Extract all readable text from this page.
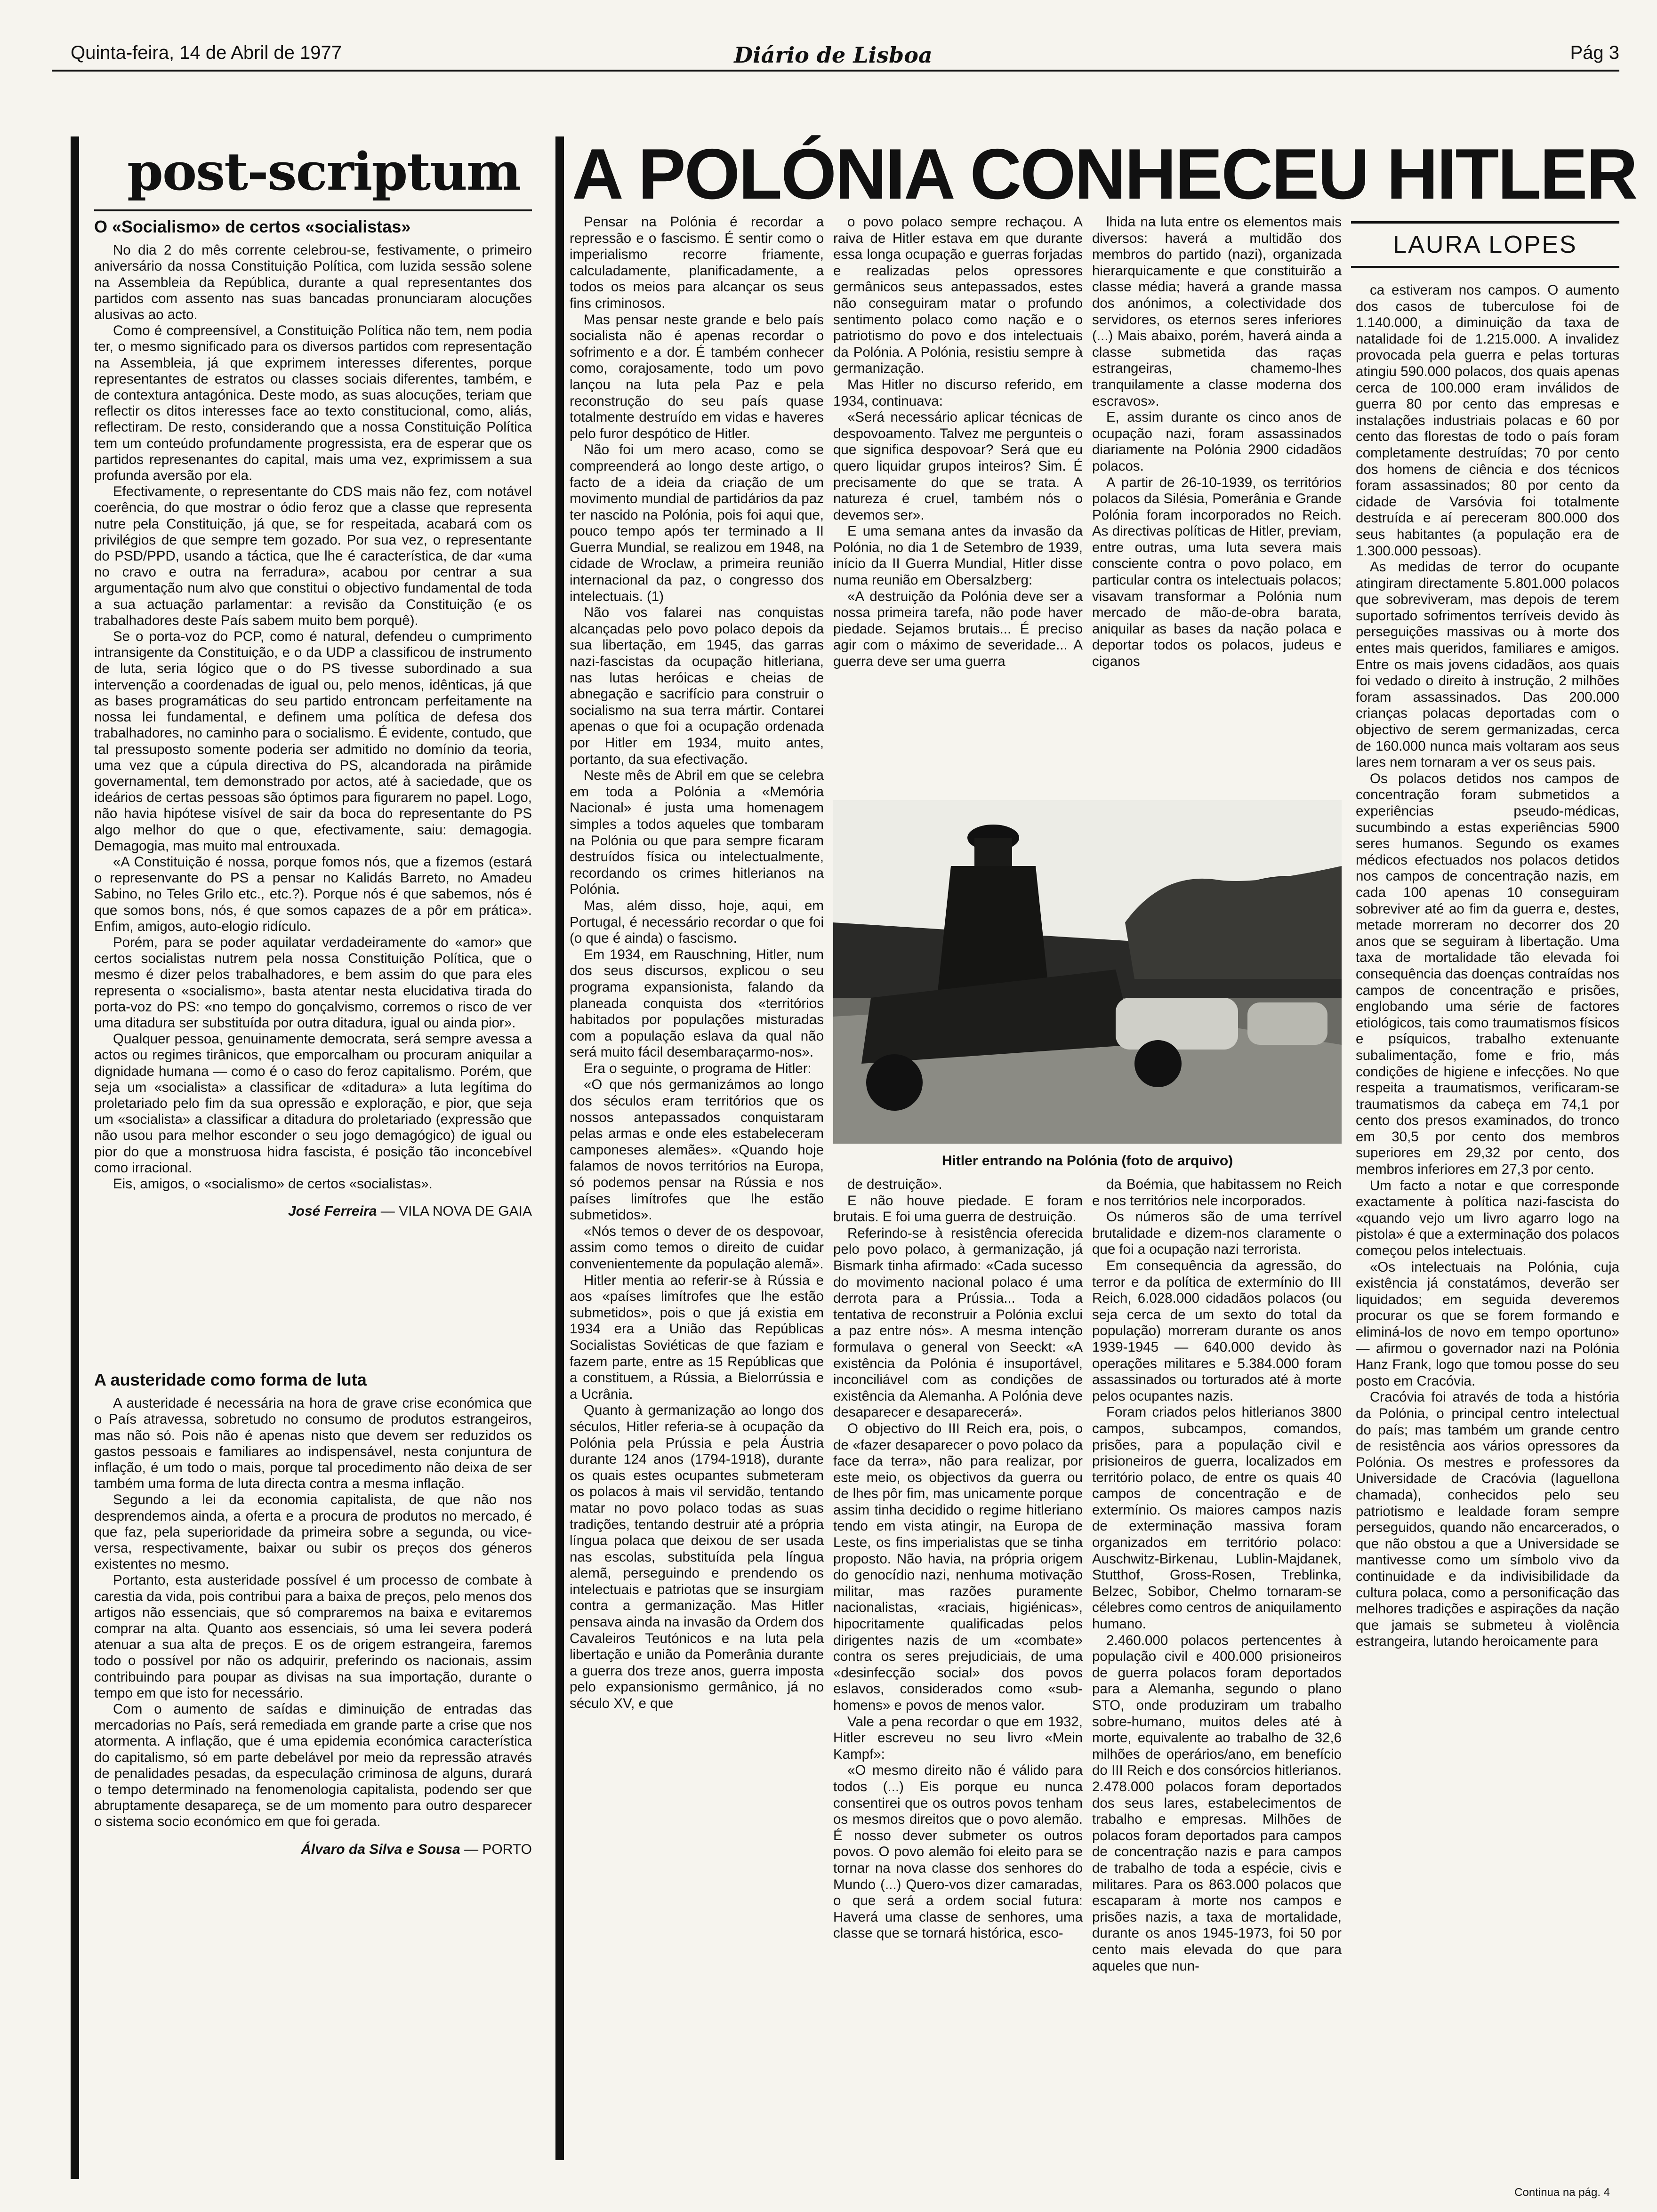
Quinta-feira, 14 de Abril de 1977	Diário de Lisboa	Pág 3
post-scriptum

O «Socialismo» de certos «socialistas»

No dia 2 do mês corrente celebrou-se, festivamente, o primeiro aniversário da nossa Constituição Política, com luzida sessão solene na Assembleia da República, durante a qual representantes dos partidos com assento nas suas bancadas pronunciaram alocuções alusivas ao acto.

Como é compreensível, a Constituição Política não tem, nem podia ter, o mesmo significado para os diversos partidos com representação na Assembleia, já que exprimem interesses diferentes, porque representantes de estratos ou classes sociais diferentes, também, e de contextura antagónica. Deste modo, as suas alocuções, teriam que reflectir os ditos interesses face ao texto constitucional, como, aliás, reflectiram. De resto, considerando que a nossa Constituição Política tem um conteúdo profundamente progressista, era de esperar que os partidos represenantes do capital, mais uma vez, exprimissem a sua profunda aversão por ela.

Efectivamente, o representante do CDS mais não fez, com notável coerência, do que mostrar o ódio feroz que a classe que representa nutre pela Constituição, já que, se for respeitada, acabará com os privilégios de que sempre tem gozado. Por sua vez, o representante do PSD/PPD, usando a táctica, que lhe é característica, de dar «uma no cravo e outra na ferradura», acabou por centrar a sua argumentação num alvo que constitui o objectivo fundamental de toda a sua actuação parlamentar: a revisão da Constituição (e os trabalhadores deste País sabem muito bem porquê).

Se o porta-voz do PCP, como é natural, defendeu o cumprimento intransigente da Constituição, e o da UDP a classificou de instrumento de luta, seria lógico que o do PS tivesse subordinado a sua intervenção a coordenadas de igual ou, pelo menos, idênticas, já que as bases programáticas do seu partido entroncam perfeitamente na nossa lei fundamental, e definem uma política de defesa dos trabalhadores, no caminho para o socialismo. É evidente, contudo, que tal pressuposto somente poderia ser admitido no domínio da teoria, uma vez que a cúpula directiva do PS, alcandorada na pirâmide governamental, tem demonstrado por actos, até à saciedade, que os ideários de certas pessoas são óptimos para figurarem no papel. Logo, não havia hipótese visível de sair da boca do representante do PS algo melhor do que o que, efectivamente, saiu: demagogia. Demagogia, mas muito mal entrouxada.

«A Constituição é nossa, porque fomos nós, que a fizemos (estará o represenvante do PS a pensar no Kalidás Barreto, no Amadeu Sabino, no Teles Grilo etc., etc.?). Porque nós é que sabemos, nós é que somos bons, nós, é que somos capazes de a pôr em prática». Enfim, amigos, auto-elogio ridículo.

Porém, para se poder aquilatar verdadeiramente do «amor» que certos socialistas nutrem pela nossa Constituição Política, que o mesmo é dizer pelos trabalhadores, e bem assim do que para eles representa o «socialismo», basta atentar nesta elucidativa tirada do porta-voz do PS: «no tempo do gonçalvismo, corremos o risco de ver uma ditadura ser substituída por outra ditadura, igual ou ainda pior».

Qualquer pessoa, genuinamente democrata, será sempre avessa a actos ou regimes tirânicos, que emporcalham ou procuram aniquilar a dignidade humana — como é o caso do feroz capitalismo. Porém, que seja um «socialista» a classificar de «ditadura» a luta legítima do proletariado pelo fim da sua opressão e exploração, e pior, que seja um «socialista» a classificar a ditadura do proletariado (expressão que não usou para melhor esconder o seu jogo demagógico) de igual ou pior do que a monstruosa hidra fascista, é posição tão inconcebível como irracional.

Eis, amigos, o «socialismo» de certos «socialistas».

José Ferreira — VILA NOVA DE GAIA

A austeridade como forma de luta

A austeridade é necessária na hora de grave crise económica que o País atravessa, sobretudo no consumo de produtos estrangeiros, mas não só. Pois não é apenas nisto que devem ser reduzidos os gastos pessoais e familiares ao indispensável, nesta conjuntura de inflação, é um todo o mais, porque tal procedimento não deixa de ser também uma forma de luta directa contra a mesma inflação.

Segundo a lei da economia capitalista, de que não nos desprendemos ainda, a oferta e a procura de produtos no mercado, é que faz, pela superioridade da primeira sobre a segunda, ou vice-versa, respectivamente, baixar ou subir os preços dos géneros existentes no mesmo.

Portanto, esta austeridade possível é um processo de combate à carestia da vida, pois contribui para a baixa de preços, pelo menos dos artigos não essenciais, que só compraremos na baixa e evitaremos comprar na alta. Quanto aos essenciais, só uma lei severa poderá atenuar a sua alta de preços. E os de origem estrangeira, faremos todo o possível por não os adquirir, preferindo os nacionais, assim contribuindo para poupar as divisas na sua importação, durante o tempo em que isto for necessário.

Com o aumento de saídas e diminuição de entradas das mercadorias no País, será remediada em grande parte a crise que nos atormenta. A inflação, que é uma epidemia económica característica do capitalismo, só em parte debelável por meio da repressão através de penalidades pesadas, da especulação criminosa de alguns, durará o tempo determinado na fenomenologia capitalista, podendo ser que abruptamente desapareça, se de um momento para outro desparecer o sistema socio económico em que foi gerada.

Álvaro da Silva e Sousa — PORTO

A POLÓNIA CONHECEU HITLER
LAURA LOPES

Pensar na Polónia é recordar a repressão e o fascismo. É sentir como o imperialismo recorre friamente, calculadamente, planificadamente, a todos os meios para alcançar os seus fins criminosos.

Mas pensar neste grande e belo país socialista não é apenas recordar o sofrimento e a dor. É também conhecer como, corajosamente, todo um povo lançou na luta pela Paz e pela reconstrução do seu país quase totalmente destruído em vidas e haveres pelo furor despótico de Hitler.

Não foi um mero acaso, como se compreenderá ao longo deste artigo, o facto de a ideia da criação de um movimento mundial de partidários da paz ter nascido na Polónia, pois foi aqui que, pouco tempo após ter terminado a II Guerra Mundial, se realizou em 1948, na cidade de Wroclaw, a primeira reunião internacional da paz, o congresso dos intelectuais. (1)

Não vos falarei nas conquistas alcançadas pelo povo polaco depois da sua libertação, em 1945, das garras nazi-fascistas da ocupação hitleriana, nas lutas heróicas e cheias de abnegação e sacrifício para construir o socialismo na sua terra mártir. Contarei apenas o que foi a ocupação ordenada por Hitler em 1934, muito antes, portanto, da sua efectivação.

Neste mês de Abril em que se celebra em toda a Polónia a «Memória Nacional» é justa uma homenagem simples a todos aqueles que tombaram na Polónia ou que para sempre ficaram destruídos física ou intelectualmente, recordando os crimes hitlerianos na Polónia.

Mas, além disso, hoje, aqui, em Portugal, é necessário recordar o que foi (o que é ainda) o fascismo.

Em 1934, em Rauschning, Hitler, num dos seus discursos, explicou o seu programa expansionista, falando da planeada conquista dos «territórios habitados por populações misturadas com a população eslava da qual não será muito fácil desembaraçarmo-nos».

Era o seguinte, o programa de Hitler:

«O que nós germanizámos ao longo dos séculos eram territórios que os nossos antepassados conquistaram pelas armas e onde eles estabeleceram camponeses alemães». «Quando hoje falamos de novos territórios na Europa, só podemos pensar na Rússia e nos países limítrofes que lhe estão submetidos».

«Nós temos o dever de os despovoar, assim como temos o direito de cuidar convenientemente da população alemã».

Hitler mentia ao referir-se à Rússia e aos «países limítrofes que lhe estão submetidos», pois o que já existia em 1934 era a União das Repúblicas Socialistas Soviéticas de que faziam e fazem parte, entre as 15 Repúblicas que a constituem, a Rússia, a Bielorrússia e a Ucrânia.

Quanto à germanização ao longo dos séculos, Hitler referia-se à ocupação da Polónia pela Prússia e pela Áustria durante 124 anos (1794-1918), durante os quais estes ocupantes submeteram os polacos à mais vil servidão, tentando matar no povo polaco todas as suas tradições, tentando destruir até a própria língua polaca que deixou de ser usada nas escolas, substituída pela língua alemã, perseguindo e prendendo os intelectuais e patriotas que se insurgiam contra a germanização. Mas Hitler pensava ainda na invasão da Ordem dos Cavaleiros Teutónicos e na luta pela libertação e união da Pomerânia durante a guerra dos treze anos, guerra imposta pelo expansionismo germânico, já no século XV, e que

o povo polaco sempre rechaçou. A raiva de Hitler estava em que durante essa longa ocupação e guerras forjadas e realizadas pelos opressores germânicos seus antepassados, estes não conseguiram matar o profundo sentimento polaco como nação e o patriotismo do povo e dos intelectuais da Polónia. A Polónia, resistiu sempre à germanização.

Mas Hitler no discurso referido, em 1934, continuava:

«Será necessário aplicar técnicas de despovoamento. Talvez me pergunteis o que significa despovoar? Será que eu quero liquidar grupos inteiros? Sim. É precisamente do que se trata. A natureza é cruel, também nós o devemos ser».

E uma semana antes da invasão da Polónia, no dia 1 de Setembro de 1939, início da II Guerra Mundial, Hitler disse numa reunião em Obersalzberg:

«A destruição da Polónia deve ser a nossa primeira tarefa, não pode haver piedade. Sejamos brutais... É preciso agir com o máximo de severidade... A guerra deve ser uma guerra

lhida na luta entre os elementos mais diversos: haverá a multidão dos membros do partido (nazi), organizada hierarquicamente e que constituirão a classe média; haverá a grande massa dos anónimos, a colectividade dos servidores, os eternos seres inferiores (...) Mais abaixo, porém, haverá ainda a classe submetida das raças estrangeiras, chamemo-lhes tranquilamente a classe moderna dos escravos».

E, assim durante os cinco anos de ocupação nazi, foram assassinados diariamente na Polónia 2900 cidadãos polacos.

A partir de 26-10-1939, os territórios polacos da Silésia, Pomerânia e Grande Polónia foram incorporados no Reich. As directivas políticas de Hitler, previam, entre outras, uma luta severa mais consciente contra o povo polaco, em particular contra os intelectuais polacos; visavam transformar a Polónia num mercado de mão-de-obra barata, aniquilar as bases da nação polaca e deportar todos os polacos, judeus e ciganos

Hitler entrando na Polónia (foto de arquivo)

de destruição».

E não houve piedade. E foram brutais. E foi uma guerra de destruição.

Referindo-se à resistência oferecida pelo povo polaco, à germanização, já Bismark tinha afirmado: «Cada sucesso do movimento nacional polaco é uma derrota para a Prússia... Toda a tentativa de reconstruir a Polónia exclui a paz entre nós». A mesma intenção formulava o general von Seeckt: «A existência da Polónia é insuportável, inconciliável com as condições de existência da Alemanha. A Polónia deve desaparecer e desaparecerá».

O objectivo do III Reich era, pois, o de «fazer desaparecer o povo polaco da face da terra», não para realizar, por este meio, os objectivos da guerra ou de lhes pôr fim, mas unicamente porque assim tinha decidido o regime hitleriano tendo em vista atingir, na Europa de Leste, os fins imperialistas que se tinha proposto. Não havia, na própria origem do genocídio nazi, nenhuma motivação militar, mas razões puramente nacionalistas, «raciais, higiénicas», hipocritamente qualificadas pelos dirigentes nazis de um «combate» contra os seres prejudiciais, de uma «desinfecção social» dos povos eslavos, considerados como «sub-homens» e povos de menos valor.

Vale a pena recordar o que em 1932, Hitler escreveu no seu livro «Mein Kampf»:

«O mesmo direito não é válido para todos (...) Eis porque eu nunca consentirei que os outros povos tenham os mesmos direitos que o povo alemão. É nosso dever submeter os outros povos. O povo alemão foi eleito para se tornar na nova classe dos senhores do Mundo (...) Quero-vos dizer camaradas, o que será a ordem social futura: Haverá uma classe de senhores, uma classe que se tornará histórica, esco-

da Boémia, que habitassem no Reich e nos territórios nele incorporados.

Os números são de uma terrível brutalidade e dizem-nos claramente o que foi a ocupação nazi terrorista.

Em consequência da agressão, do terror e da política de extermínio do III Reich, 6.028.000 cidadãos polacos (ou seja cerca de um sexto do total da população) morreram durante os anos 1939-1945 — 640.000 devido às operações militares e 5.384.000 foram assassinados ou torturados até à morte pelos ocupantes nazis.

Foram criados pelos hitlerianos 3800 campos, subcampos, comandos, prisões, para a população civil e prisioneiros de guerra, localizados em território polaco, de entre os quais 40 campos de concentração e de extermínio. Os maiores campos nazis de exterminação massiva foram organizados em território polaco: Auschwitz-Birkenau, Lublin-Majdanek, Stutthof, Gross-Rosen, Treblinka, Belzec, Sobibor, Chelmo tornaram-se célebres como centros de aniquilamento humano.

2.460.000 polacos pertencentes à população civil e 400.000 prisioneiros de guerra polacos foram deportados para a Alemanha, segundo o plano STO, onde produziram um trabalho sobre-humano, muitos deles até à morte, equivalente ao trabalho de 32,6 milhões de operários/ano, em benefício do III Reich e dos consórcios hitlerianos. 2.478.000 polacos foram deportados dos seus lares, estabelecimentos de trabalho e empresas. Milhões de polacos foram deportados para campos de concentração nazis e para campos de trabalho de toda a espécie, civis e militares. Para os 863.000 polacos que escaparam à morte nos campos e prisões nazis, a taxa de mortalidade, durante os anos 1945-1973, foi 50 por cento mais elevada do que para aqueles que nun-

ca estiveram nos campos. O aumento dos casos de tuberculose foi de 1.140.000, a diminuição da taxa de natalidade foi de 1.215.000. A invalidez provocada pela guerra e pelas torturas atingiu 590.000 polacos, dos quais apenas cerca de 100.000 eram inválidos de guerra 80 por cento das empresas e instalações industriais polacas e 60 por cento das florestas de todo o país foram completamente destruídas; 70 por cento dos homens de ciência e dos técnicos foram assassinados; 80 por cento da cidade de Varsóvia foi totalmente destruída e aí pereceram 800.000 dos seus habitantes (a população era de 1.300.000 pessoas).

As medidas de terror do ocupante atingiram directamente 5.801.000 polacos que sobreviveram, mas depois de terem suportado sofrimentos terríveis devido às perseguições massivas ou à morte dos entes mais queridos, familiares e amigos. Entre os mais jovens cidadãos, aos quais foi vedado o direito à instrução, 2 milhões foram assassinados. Das 200.000 crianças polacas deportadas com o objectivo de serem germanizadas, cerca de 160.000 nunca mais voltaram aos seus lares nem tornaram a ver os seus pais.

Os polacos detidos nos campos de concentração foram submetidos a experiências pseudo-médicas, sucumbindo a estas experiências 5900 seres humanos. Segundo os exames médicos efectuados nos polacos detidos nos campos de concentração nazis, em cada 100 apenas 10 conseguiram sobreviver até ao fim da guerra e, destes, metade morreram no decorrer dos 20 anos que se seguiram à libertação. Uma taxa de mortalidade tão elevada foi consequência das doenças contraídas nos campos de concentração e prisões, englobando uma série de factores etiológicos, tais como traumatismos físicos e psíquicos, trabalho extenuante subalimentação, fome e frio, más condições de higiene e infecções. No que respeita a traumatismos, verificaram-se traumatismos da cabeça em 74,1 por cento dos presos examinados, do tronco em 30,5 por cento dos membros superiores em 29,32 por cento, dos membros inferiores em 27,3 por cento.

Um facto a notar e que corresponde exactamente à política nazi-fascista do «quando vejo um livro agarro logo na pistola» é que a exterminação dos polacos começou pelos intelectuais.

«Os intelectuais na Polónia, cuja existência já constatámos, deverão ser liquidados; em seguida deveremos procurar os que se forem formando e eliminá-los de novo em tempo oportuno» — afirmou o governador nazi na Polónia Hanz Frank, logo que tomou posse do seu posto em Cracóvia.

Cracóvia foi através de toda a história da Polónia, o principal centro intelectual do país; mas também um grande centro de resistência aos vários opressores da Polónia. Os mestres e professores da Universidade de Cracóvia (Iaguellona chamada), conhecidos pelo seu patriotismo e lealdade foram sempre perseguidos, quando não encarcerados, o que não obstou a que a Universidade se mantivesse como um símbolo vivo da continuidade e da indivisibilidade da cultura polaca, como a personificação das melhores tradições e aspirações da nação que jamais se submeteu à violência estrangeira, lutando heroicamente para

Continua na pág. 4
